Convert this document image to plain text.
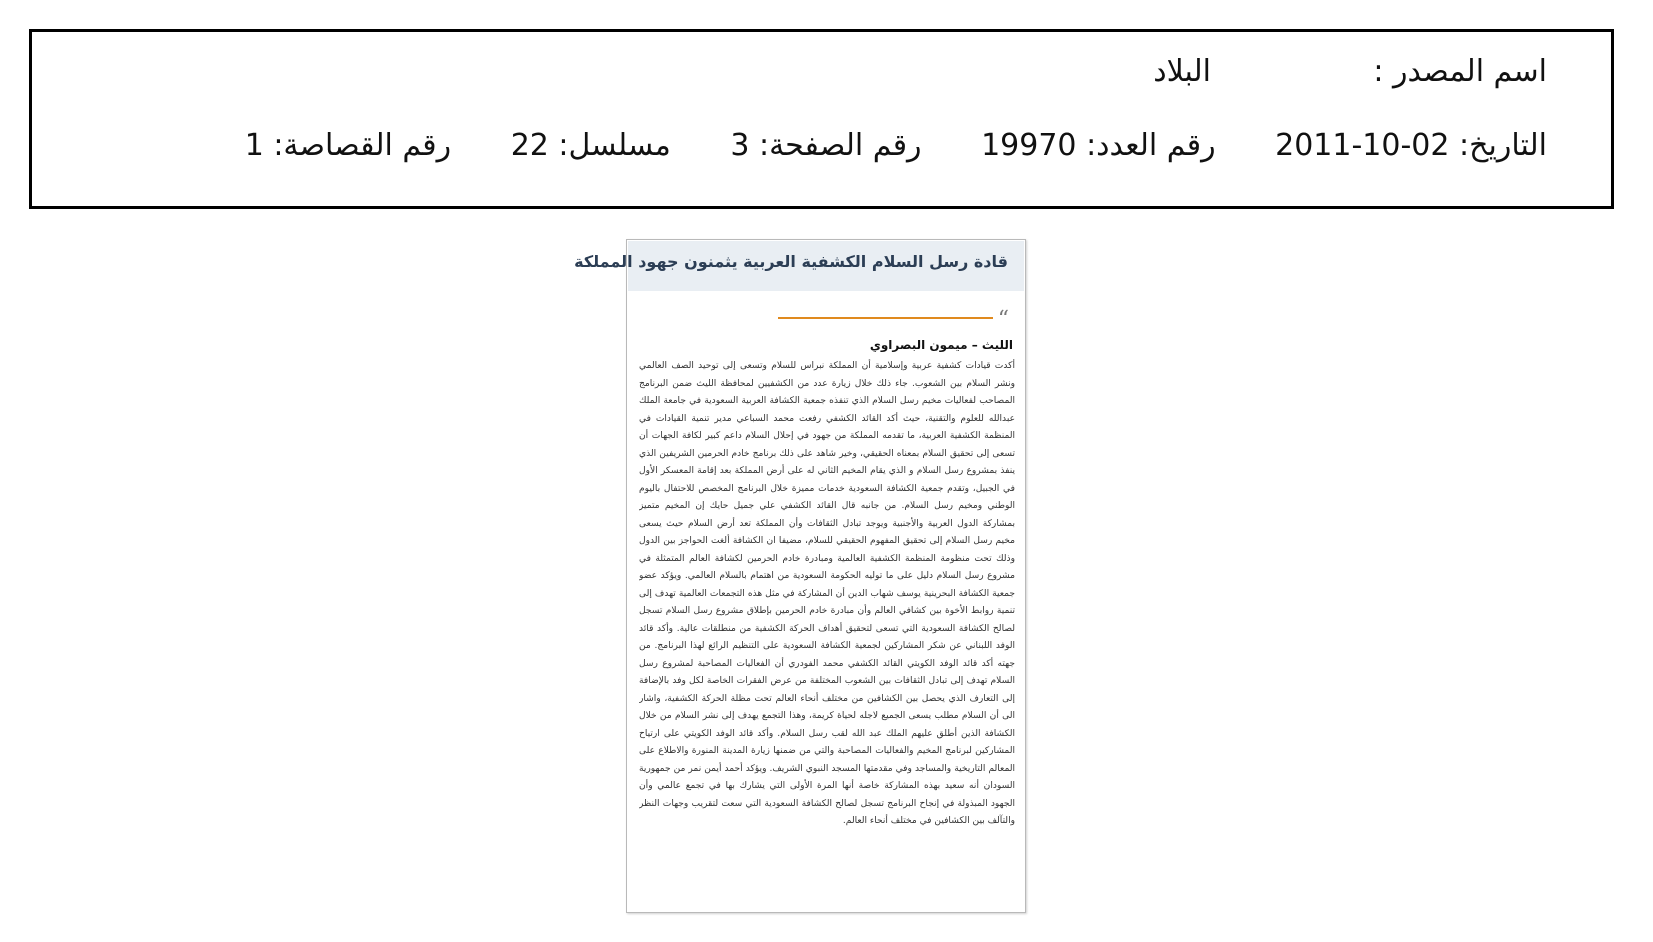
اسم المصدر :
البلاد
التاريخ: 2011-10-02 رقم العدد: 19970 رقم الصفحة: 3 مسلسل: 22 رقم القصاصة: 1
قادة رسل السلام الكشفية العربية يثمنون جهود المملكة
“
الليث – ميمون البصراوي
أكدت قيادات كشفية عربية وإسلامية أن المملكة نبراس للسلام وتسعى إلى توحيد الصف العالمي ونشر السلام بين الشعوب. جاء ذلك خلال زيارة عدد من الكشفيين لمحافظة الليث ضمن البرنامج المصاحب لفعاليات مخيم رسل السلام الذي تنفذه جمعية الكشافة العربية السعودية في جامعة الملك عبدالله للعلوم والتقنية، حيث أكد القائد الكشفي رفعت محمد السباعي مدير تنمية القيادات في المنظمة الكشفية العربية، ما تقدمه المملكة من جهود في إحلال السلام داعم كبير لكافة الجهات أن تسعى إلى تحقيق السلام بمعناه الحقيقي، وخير شاهد على ذلك برنامج خادم الحرمين الشريفين الذي ينفذ بمشروع رسل السلام و الذي يقام المخيم الثاني له على أرض المملكة بعد إقامة المعسكر الأول في الجبيل، وتقدم جمعية الكشافة السعودية خدمات مميزة خلال البرنامج المخصص للاحتفال باليوم الوطني ومخيم رسل السلام. من جانبه قال القائد الكشفي علي جميل حايك إن المخيم متميز بمشاركة الدول العربية والأجنبية ويوجد تبادل الثقافات وأن المملكة تعد أرض السلام حيث يسعى مخيم رسل السلام إلى تحقيق المفهوم الحقيقي للسلام، مضيفا ان الكشافة ألغت الحواجز بين الدول وذلك تحت منظومة المنظمة الكشفية العالمية ومبادرة خادم الحرمين لكشافة العالم المتمثلة في مشروع رسل السلام دليل على ما توليه الحكومة السعودية من اهتمام بالسلام العالمي. ويؤكد عضو جمعية الكشافة البحرينية يوسف شهاب الدين أن المشاركة في مثل هذه التجمعات العالمية تهدف إلى تنمية روابط الأخوة بين كشافي العالم وأن مبادرة خادم الحرمين بإطلاق مشروع رسل السلام تسجل لصالح الكشافة السعودية التي تسعى لتحقيق أهداف الحركة الكشفية من منطلقات عالية. وأكد قائد الوفد اللبناني عن شكر المشاركين لجمعية الكشافة السعودية على التنظيم الرائع لهذا البرنامج. من جهته أكد قائد الوفد الكويتي القائد الكشفي محمد الفودري أن الفعاليات المصاحبة لمشروع رسل السلام تهدف إلى تبادل الثقافات بين الشعوب المختلفة من عرض الفقرات الخاصة لكل وفد بالإضافة إلى التعارف الذي يحصل بين الكشافين من مختلف أنحاء العالم تحت مظلة الحركة الكشفية، واشار الى أن السلام مطلب يسعى الجميع لاجله لحياة كريمة، وهذا التجمع يهدف إلى نشر السلام من خلال الكشافة الذين أطلق عليهم الملك عبد الله لقب رسل السلام. وأكد قائد الوفد الكويتي على ارتياح المشاركين لبرنامج المخيم والفعاليات المصاحبة والتي من ضمنها زيارة المدينة المنورة والاطلاع على المعالم التاريخية والمساجد وفي مقدمتها المسجد النبوي الشريف. ويؤكد أحمد أيمن نمر من جمهورية السودان أنه سعيد بهذه المشاركة خاصة أنها المرة الأولى التي يشارك بها في تجمع عالمي وأن الجهود المبذولة في إنجاح البرنامج تسجل لصالح الكشافة السعودية التي سعت لتقريب وجهات النظر والتآلف بين الكشافين في مختلف أنحاء العالم.
